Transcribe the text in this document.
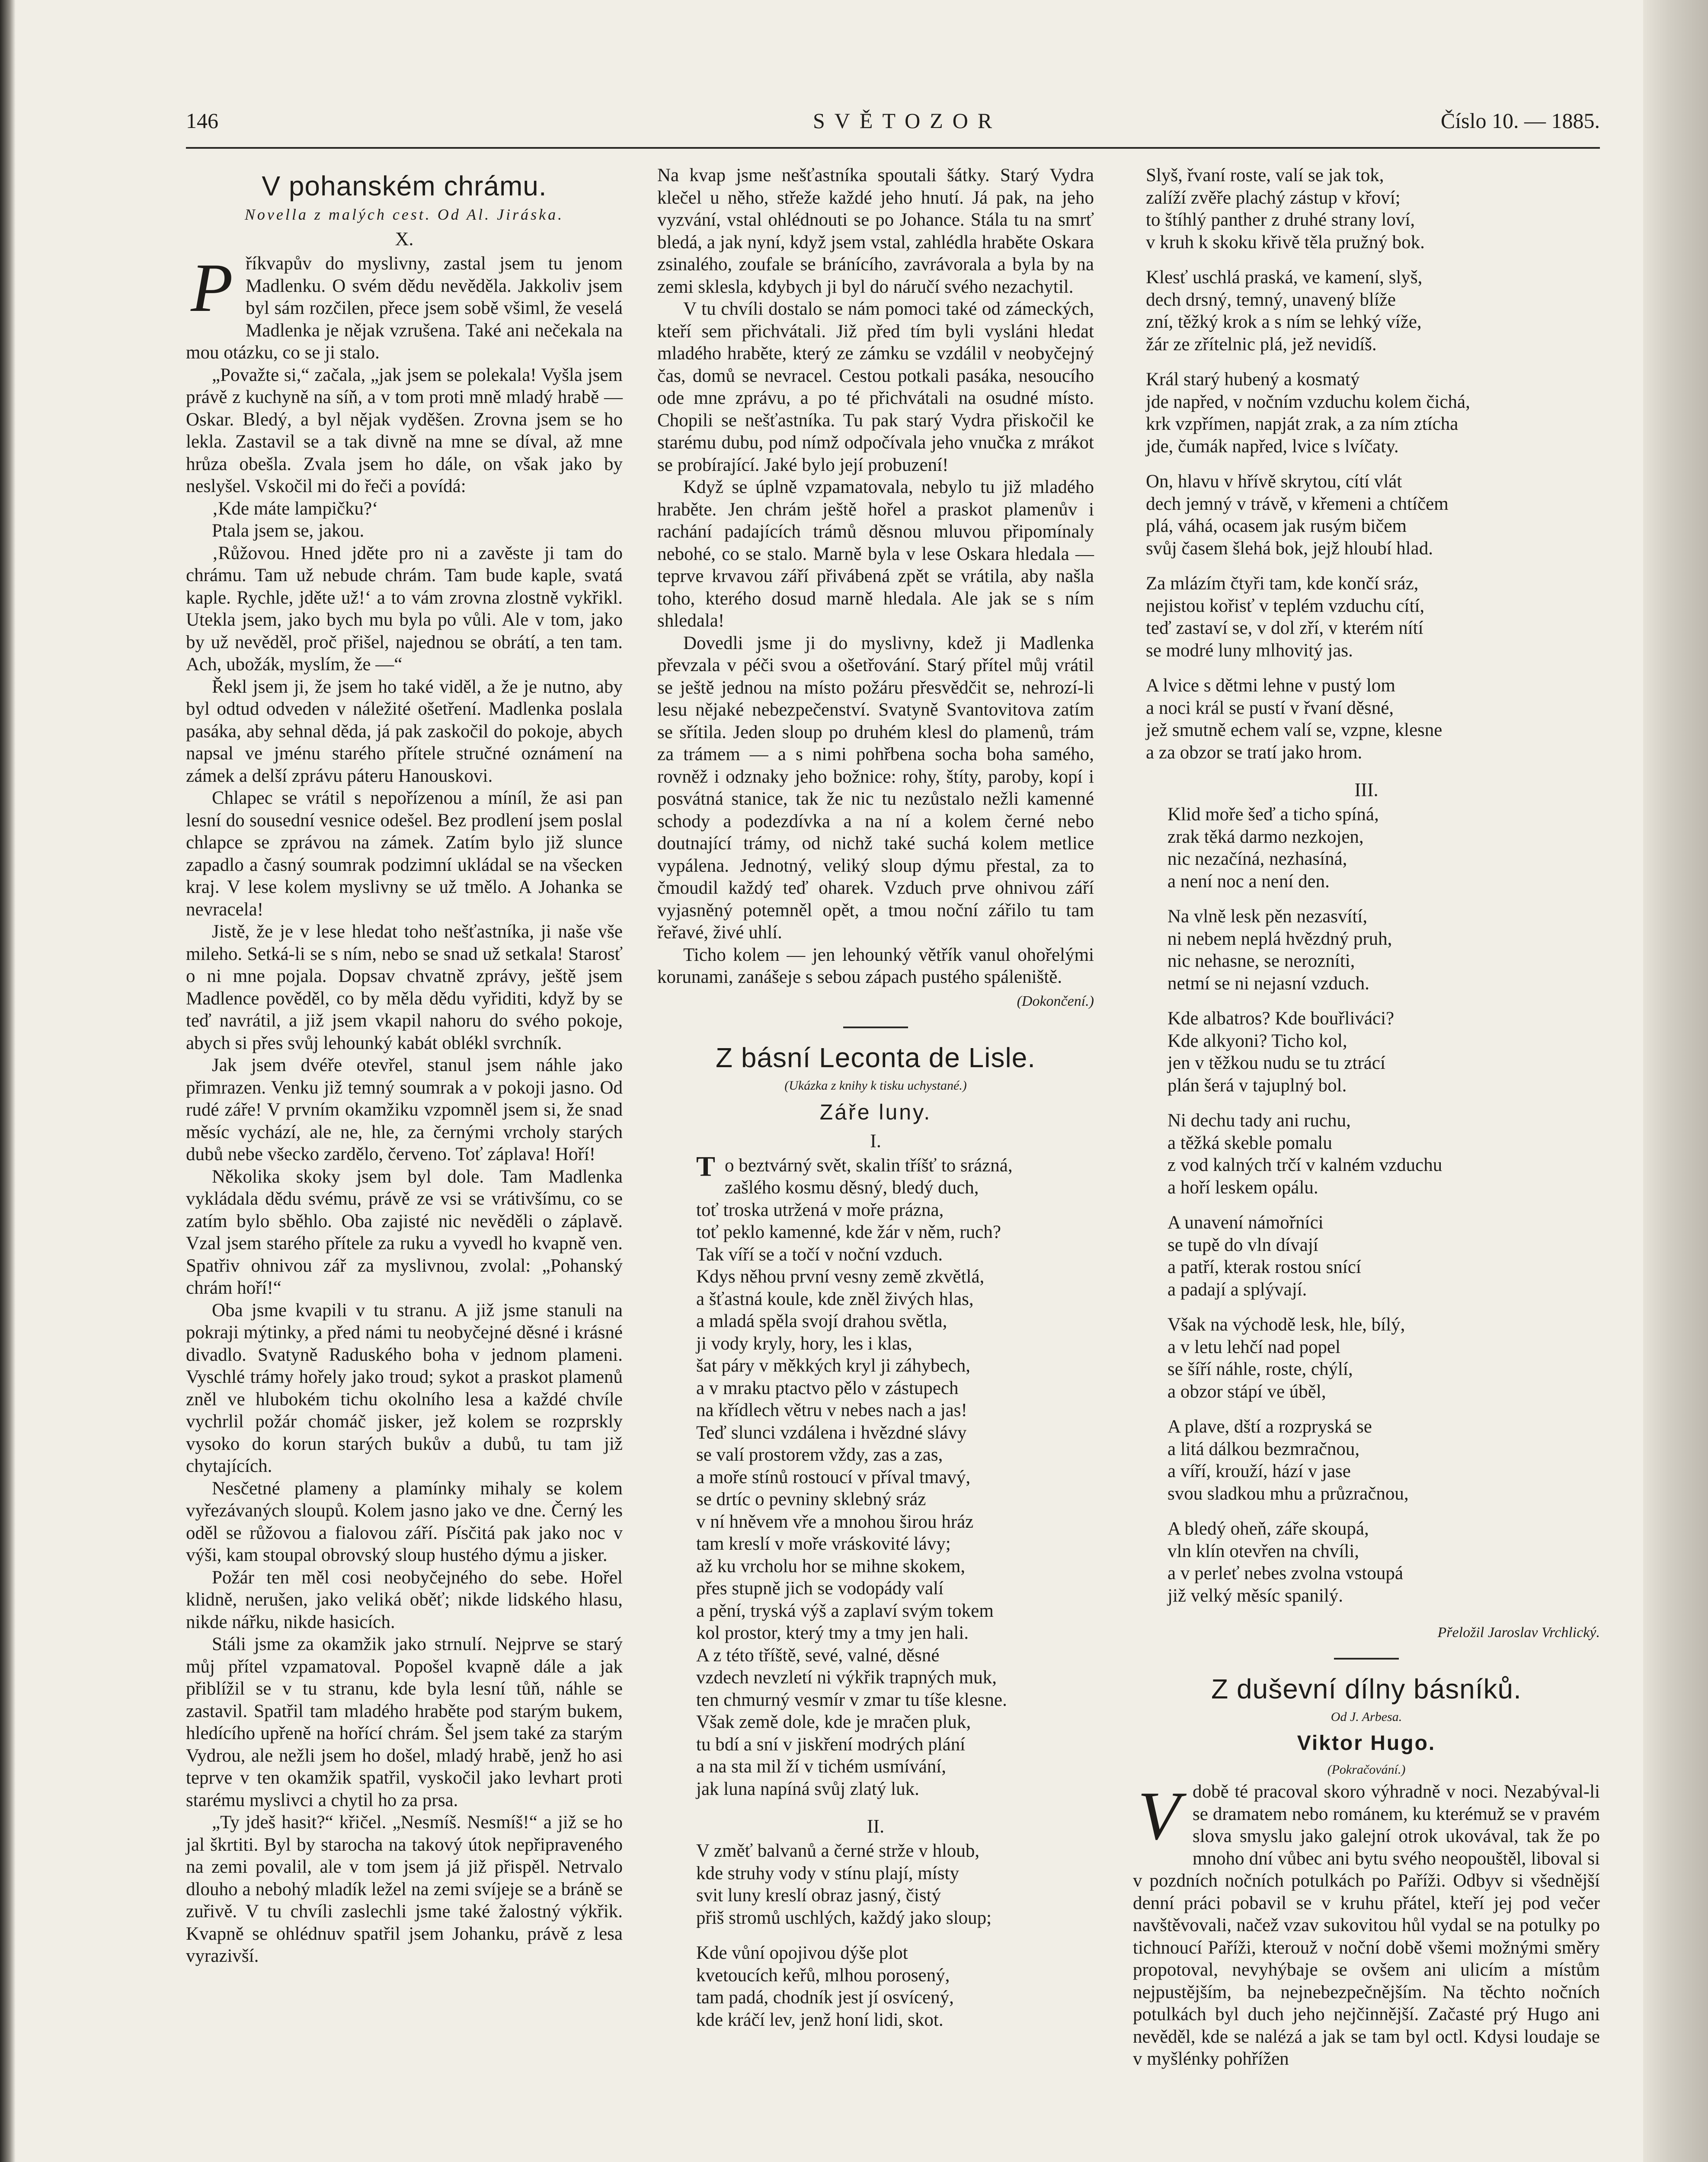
146	SVĚTOZOR	Číslo 10. — 1885.
V pohanském chrámu.
Novella z malých cest. Od Al. Jiráska.
X.

Příkvapův do myslivny, zastal jsem tu jenom Madlenku. O svém dědu nevěděla. Jakkoliv jsem byl sám rozčilen, přece jsem sobě všiml, že veselá Madlenka je nějak vzrušena. Také ani nečekala na mou otázku, co se ji stalo.

„Považte si,“ začala, „jak jsem se polekala! Vyšla jsem právě z kuchyně na síň, a v tom proti mně mladý hrabě — Oskar. Bledý, a byl nějak vyděšen. Zrovna jsem se ho lekla. Zastavil se a tak divně na mne se díval, až mne hrůza obešla. Zvala jsem ho dále, on však jako by neslyšel. Vskočil mi do řeči a povídá:

‚Kde máte lampičku?‘

Ptala jsem se, jakou.

‚Růžovou. Hned jděte pro ni a zavěste ji tam do chrámu. Tam už nebude chrám. Tam bude kaple, svatá kaple. Rychle, jděte už!‘ a to vám zrovna zlostně vykřikl. Utekla jsem, jako bych mu byla po vůli. Ale v tom, jako by už nevěděl, proč přišel, najednou se obrátí, a ten tam. Ach, ubožák, myslím, že —“

Řekl jsem ji, že jsem ho také viděl, a že je nutno, aby byl odtud odveden v náležité ošetření. Madlenka poslala pasáka, aby sehnal děda, já pak zaskočil do pokoje, abych napsal ve jménu starého přítele stručné oznámení na zámek a delší zprávu páteru Hanouskovi.

Chlapec se vrátil s nepořízenou a míníl, že asi pan lesní do sousední vesnice odešel. Bez prodlení jsem poslal chlapce se zprávou na zámek. Zatím bylo již slunce zapadlo a časný soumrak podzimní ukládal se na všecken kraj. V lese kolem myslivny se už tmělo. A Johanka se nevracela!

Jistě, že je v lese hledat toho nešťastníka, ji naše vše mileho. Setká-li se s ním, nebo se snad už setkala! Starosť o ni mne pojala. Dopsav chvatně zprávy, ještě jsem Madlence pověděl, co by měla dědu vyřiditi, když by se teď navrátil, a již jsem vkapil nahoru do svého pokoje, abych si přes svůj lehounký kabát oblékl svrchník.

Jak jsem dvéře otevřel, stanul jsem náhle jako přimrazen. Venku již temný soumrak a v pokoji jasno. Od rudé záře! V prvním okamžiku vzpomněl jsem si, že snad měsíc vychází, ale ne, hle, za černými vrcholy starých dubů nebe všecko zardělo, červeno. Toť záplava! Hoří!

Několika skoky jsem byl dole. Tam Madlenka vykládala dědu svému, právě ze vsi se vrátivšímu, co se zatím bylo sběhlo. Oba zajisté nic nevěděli o záplavě. Vzal jsem starého přítele za ruku a vyvedl ho kvapně ven. Spatřiv ohnivou zář za myslivnou, zvolal: „Pohanský chrám hoří!“

Oba jsme kvapili v tu stranu. A již jsme stanuli na pokraji mýtinky, a před námi tu neobyčejné děsné i krásné divadlo. Svatyně Raduského boha v jednom plameni. Vyschlé trámy hořely jako troud; sykot a praskot plamenů zněl ve hlubokém tichu okolního lesa a každé chvíle vychrlil požár chomáč jisker, jež kolem se rozprskly vysoko do korun starých bukův a dubů, tu tam již chytajících.

Nesčetné plameny a plamínky mihaly se kolem vyřezávaných sloupů. Kolem jasno jako ve dne. Černý les oděl se růžovou a fialovou září. Písčitá pak jako noc v výši, kam stoupal obrovský sloup hustého dýmu a jisker.

Požár ten měl cosi neobyčejného do sebe. Hořel klidně, nerušen, jako veliká oběť; nikde lidského hlasu, nikde nářku, nikde hasicích.

Stáli jsme za okamžik jako strnulí. Nejprve se starý můj přítel vzpamatoval. Popošel kvapně dále a jak přiblížil se v tu stranu, kde byla lesní tůň, náhle se zastavil. Spatřil tam mladého hraběte pod starým bukem, hledícího upřeně na hořící chrám. Šel jsem také za starým Vydrou, ale nežli jsem ho došel, mladý hrabě, jenž ho asi teprve v ten okamžik spatřil, vyskočil jako levhart proti starému myslivci a chytil ho za prsa.

„Ty jdeš hasit?“ křičel. „Nesmíš. Nesmíš!“ a již se ho jal škrtiti. Byl by starocha na takový útok nepřipraveného na zemi povalil, ale v tom jsem já již přispěl. Netrvalo dlouho a nebohý mladík ležel na zemi svíjeje se a bráně se zuřivě. V tu chvíli zaslechli jsme také žalostný výkřik. Kvapně se ohlédnuv spatřil jsem Johanku, právě z lesa vyrazivší.

Na kvap jsme nešťastníka spoutali šátky. Starý Vydra klečel u něho, střeže každé jeho hnutí. Já pak, na jeho vyzvání, vstal ohlédnouti se po Johance. Stála tu na smrť bledá, a jak nyní, když jsem vstal, zahlédla hraběte Oskara zsinalého, zoufale se bránícího, zavrávorala a byla by na zemi sklesla, kdybych ji byl do náručí svého nezachytil.

V tu chvíli dostalo se nám pomoci také od zámeckých, kteří sem přichvátali. Již před tím byli vysláni hledat mladého hraběte, který ze zámku se vzdálil v neobyčejný čas, domů se nevracel. Cestou potkali pasáka, nesoucího ode mne zprávu, a po té přichvátali na osudné místo. Chopili se nešťastníka. Tu pak starý Vydra přiskočil ke starému dubu, pod nímž odpočívala jeho vnučka z mrákot se probírající. Jaké bylo její probuzení!

Když se úplně vzpamatovala, nebylo tu již mladého hraběte. Jen chrám ještě hořel a praskot plamenův i rachání padajících trámů děsnou mluvou připomínaly nebohé, co se stalo. Marně byla v lese Oskara hledala — teprve krvavou září přivábená zpět se vrátila, aby našla toho, kterého dosud marně hledala. Ale jak se s ním shledala!

Dovedli jsme ji do myslivny, kdež ji Madlenka převzala v péči svou a ošetřování. Starý přítel můj vrátil se ještě jednou na místo požáru přesvědčit se, nehrozí-li lesu nějaké nebezpečenství. Svatyně Svantovitova zatím se sřítila. Jeden sloup po druhém klesl do plamenů, trám za trámem — a s nimi pohřbena socha boha samého, rovněž i odznaky jeho božnice: rohy, štíty, paroby, kopí i posvátná stanice, tak že nic tu nezůstalo nežli kamenné schody a podezdívka a na ní a kolem černé nebo doutnající trámy, od nichž také suchá kolem metlice vypálena. Jednotný, veliký sloup dýmu přestal, za to čmoudil každý teď oharek. Vzduch prve ohnivou září vyjasněný potemněl opět, a tmou noční zářilo tu tam řeřavé, živé uhlí.

Ticho kolem — jen lehounký větřík vanul ohořelými korunami, zanášeje s sebou zápach pustého spáleniště.

(Dokončení.)
Z básní Leconta de Lisle.
(Ukázka z knihy k tisku uchystané.)
Záře luny.
I.
To beztvárný svět, skalin tříšť to srázná,
zašlého kosmu děsný, bledý duch,
toť troska utržená v moře prázna,
toť peklo kamenné, kde žár v něm, ruch?
Tak víří se a točí v noční vzduch.
Kdys něhou první vesny země zkvětlá,
a šťastná koule, kde zněl živých hlas,
a mladá spěla svojí drahou světla,
ji vody kryly, hory, les i klas,
šat páry v měkkých kryl ji záhybech,
a v mraku ptactvo pělo v zástupech
na křídlech větru v nebes nach a jas!
Teď slunci vzdálena i hvězdné slávy
se valí prostorem vždy, zas a zas,
a moře stínů rostoucí v příval tmavý,
se drtíc o pevniny sklebný sráz
v ní hněvem vře a mnohou širou hráz
tam kreslí v moře vráskovité lávy;
až ku vrcholu hor se mihne skokem,
přes stupně jich se vodopády valí
a pění, tryská výš a zaplaví svým tokem
kol prostor, který tmy a tmy jen hali.
A z této tříště, sevé, valné, děsné
vzdech nevzletí ni výkřik trapných muk,
ten chmurný vesmír v zmar tu tíše klesne.
Však země dole, kde je mračen pluk,
tu bdí a sní v jiskření modrých plání
a na sta mil ží v tichém usmívání,
jak luna napíná svůj zlatý luk.
II.
V změť balvanů a černé strže v hloub,
kde struhy vody v stínu plají, místy
svit luny kreslí obraz jasný, čistý
přiš stromů uschlých, každý jako sloup;
Kde vůní opojivou dýše plot
kvetoucích keřů, mlhou porosený,
tam padá, chodník jest jí osvícený,
kde kráčí lev, jenž honí lidi, skot.
Slyš, řvaní roste, valí se jak tok,
zalíží zvěře plachý zástup v křoví;
to štíhlý panther z druhé strany loví,
v kruh k skoku křivě těla pružný bok.
Klesť uschlá praská, ve kamení, slyš,
dech drsný, temný, unavený blíže
zní, těžký krok a s ním se lehký víže,
žár ze zřítelnic plá, jež nevidíš.
Král starý hubený a kosmatý
jde napřed, v nočním vzduchu kolem čichá,
krk vzpřímen, napját zrak, a za ním ztícha
jde, čumák napřed, lvice s lvíčaty.
On, hlavu v hřívě skrytou, cítí vlát
dech jemný v trávě, v křemeni a chtíčem
plá, váhá, ocasem jak rusým bičem
svůj časem šlehá bok, jejž hloubí hlad.
Za mlázím čtyři tam, kde končí sráz,
nejistou kořisť v teplém vzduchu cítí,
teď zastaví se, v dol zří, v kterém nítí
se modré luny mlhovitý jas.
A lvice s dětmi lehne v pustý lom
a noci král se pustí v řvaní děsné,
jež smutně echem valí se, vzpne, klesne
a za obzor se tratí jako hrom.
III.
Klid moře šeď a ticho spíná,
zrak těká darmo nezkojen,
nic nezačíná, nezhasíná,
a není noc a není den.
Na vlně lesk pěn nezasvítí,
ni nebem neplá hvězdný pruh,
nic nehasne, se nerozníti,
netmí se ni nejasní vzduch.
Kde albatros? Kde bouřliváci?
Kde alkyoni? Ticho kol,
jen v těžkou nudu se tu ztrácí
plán šerá v tajuplný bol.
Ni dechu tady ani ruchu,
a těžká skeble pomalu
z vod kalných trčí v kalném vzduchu
a hoří leskem opálu.
A unavení námořníci
se tupě do vln dívají
a patří, kterak rostou snící
a padají a splývají.
Však na východě lesk, hle, bílý,
a v letu lehčí nad popel
se šíří náhle, roste, chýlí,
a obzor stápí ve úběl,
A plave, dští a rozpryská se
a litá dálkou bezmračnou,
a víří, krouží, hází v jase
svou sladkou mhu a průzračnou,
A bledý oheň, záře skoupá,
vln klín otevřen na chvíli,
a v perleť nebes zvolna vstoupá
již velký měsíc spanilý.
Přeložil Jaroslav Vrchlický.
Z duševní dílny básníků.
Od J. Arbesa.
Viktor Hugo.
(Pokračování.)

Vdobě té pracoval skoro výhradně v noci. Nezabýval-li se dramatem nebo románem, ku kterémuž se v pravém slova smyslu jako galejní otrok ukovával, tak že po mnoho dní vůbec ani bytu svého neopouštěl, liboval si v pozdních nočních potulkách po Paříži. Odbyv si všednější denní práci pobavil se v kruhu přátel, kteří jej pod večer navštěvovali, načež vzav sukovitou hůl vydal se na potulky po tichnoucí Paříži, kterouž v noční době všemi možnými směry propotoval, nevyhýbaje se ovšem ani ulicím a místům nejpustějším, ba nejnebezpečnějším. Na těchto nočních potulkách byl duch jeho nejčinnější. Začasté prý Hugo ani nevěděl, kde se nalézá a jak se tam byl octl. Kdysi loudaje se v myšlénky pohřížen
